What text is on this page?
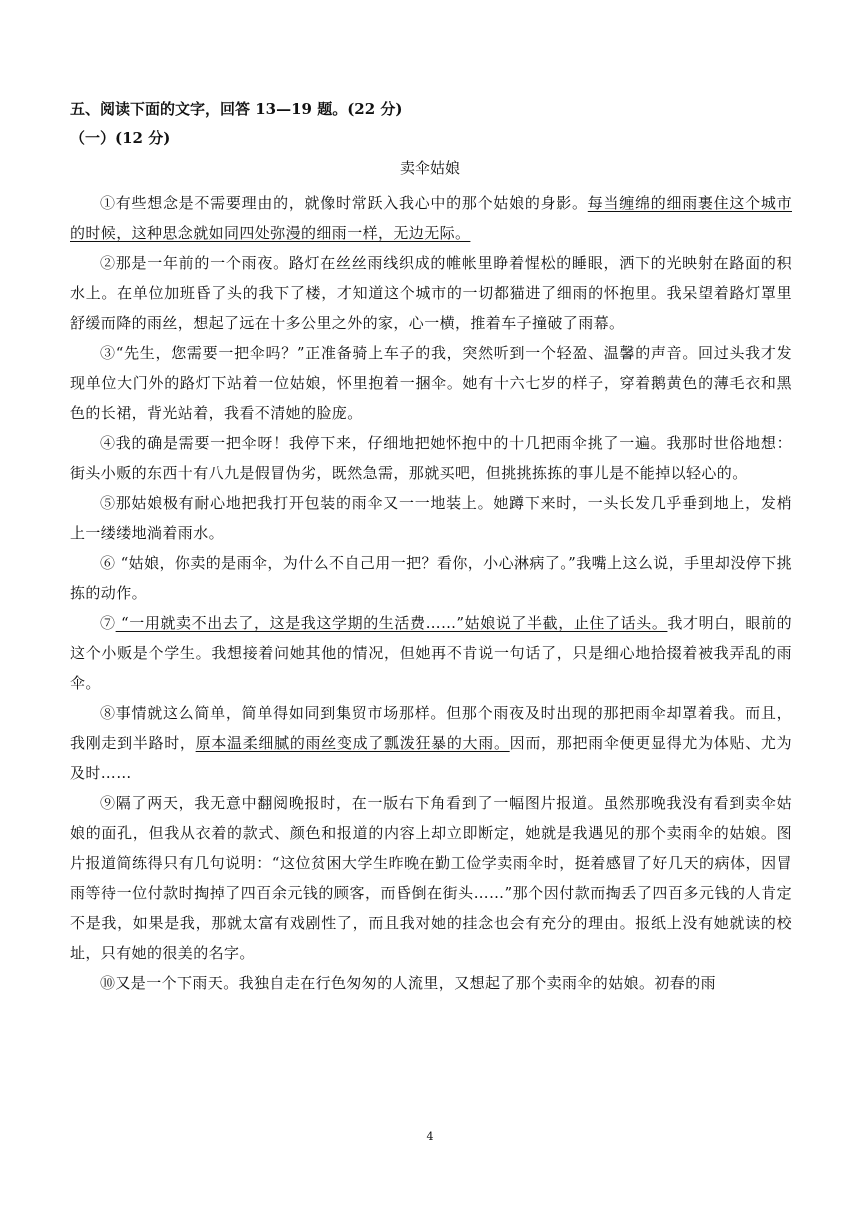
五、阅读下面的文字，回答 13—19 题。(22 分)
（一）(12 分)
卖伞姑娘

①有些想念是不需要理由的，就像时常跃入我心中的那个姑娘的身影。每当缠绵的细雨裹住这个城市的时候，这种思念就如同四处弥漫的细雨一样，无边无际。

②那是一年前的一个雨夜。路灯在丝丝雨线织成的帷帐里睁着惺松的睡眼，洒下的光映射在路面的积水上。在单位加班昏了头的我下了楼，才知道这个城市的一切都猫进了细雨的怀抱里。我呆望着路灯罩里舒缓而降的雨丝，想起了远在十多公里之外的家，心一横，推着车子撞破了雨幕。

③“先生，您需要一把伞吗？”正准备骑上车子的我，突然听到一个轻盈、温馨的声音。回过头我才发现单位大门外的路灯下站着一位姑娘，怀里抱着一捆伞。她有十六七岁的样子，穿着鹅黄色的薄毛衣和黑色的长裙，背光站着，我看不清她的脸庞。

④我的确是需要一把伞呀！我停下来，仔细地把她怀抱中的十几把雨伞挑了一遍。我那时世俗地想：街头小贩的东西十有八九是假冒伪劣，既然急需，那就买吧，但挑挑拣拣的事儿是不能掉以轻心的。

⑤那姑娘极有耐心地把我打开包装的雨伞又一一地装上。她蹲下来时，一头长发几乎垂到地上，发梢上一缕缕地淌着雨水。

⑥ “姑娘，你卖的是雨伞，为什么不自己用一把？看你，小心淋病了。”我嘴上这么说，手里却没停下挑拣的动作。

⑦ “一用就卖不出去了，这是我这学期的生活费……”姑娘说了半截，止住了话头。我才明白，眼前的这个小贩是个学生。我想接着问她其他的情况，但她再不肯说一句话了，只是细心地拾掇着被我弄乱的雨伞。

⑧事情就这么简单，简单得如同到集贸市场那样。但那个雨夜及时出现的那把雨伞却罩着我。而且，我刚走到半路时，原本温柔细腻的雨丝变成了瓢泼狂暴的大雨。因而，那把雨伞便更显得尤为体贴、尤为及时……

⑨隔了两天，我无意中翻阅晚报时，在一版右下角看到了一幅图片报道。虽然那晚我没有看到卖伞姑娘的面孔，但我从衣着的款式、颜色和报道的内容上却立即断定，她就是我遇见的那个卖雨伞的姑娘。图片报道简练得只有几句说明：“这位贫困大学生昨晚在勤工俭学卖雨伞时，挺着感冒了好几天的病体，因冒雨等待一位付款时掏掉了四百余元钱的顾客，而昏倒在街头……”那个因付款而掏丢了四百多元钱的人肯定不是我，如果是我，那就太富有戏剧性了，而且我对她的挂念也会有充分的理由。报纸上没有她就读的校址，只有她的很美的名字。

⑩又是一个下雨天。我独自走在行色匆匆的人流里，又想起了那个卖雨伞的姑娘。初春的雨

4
